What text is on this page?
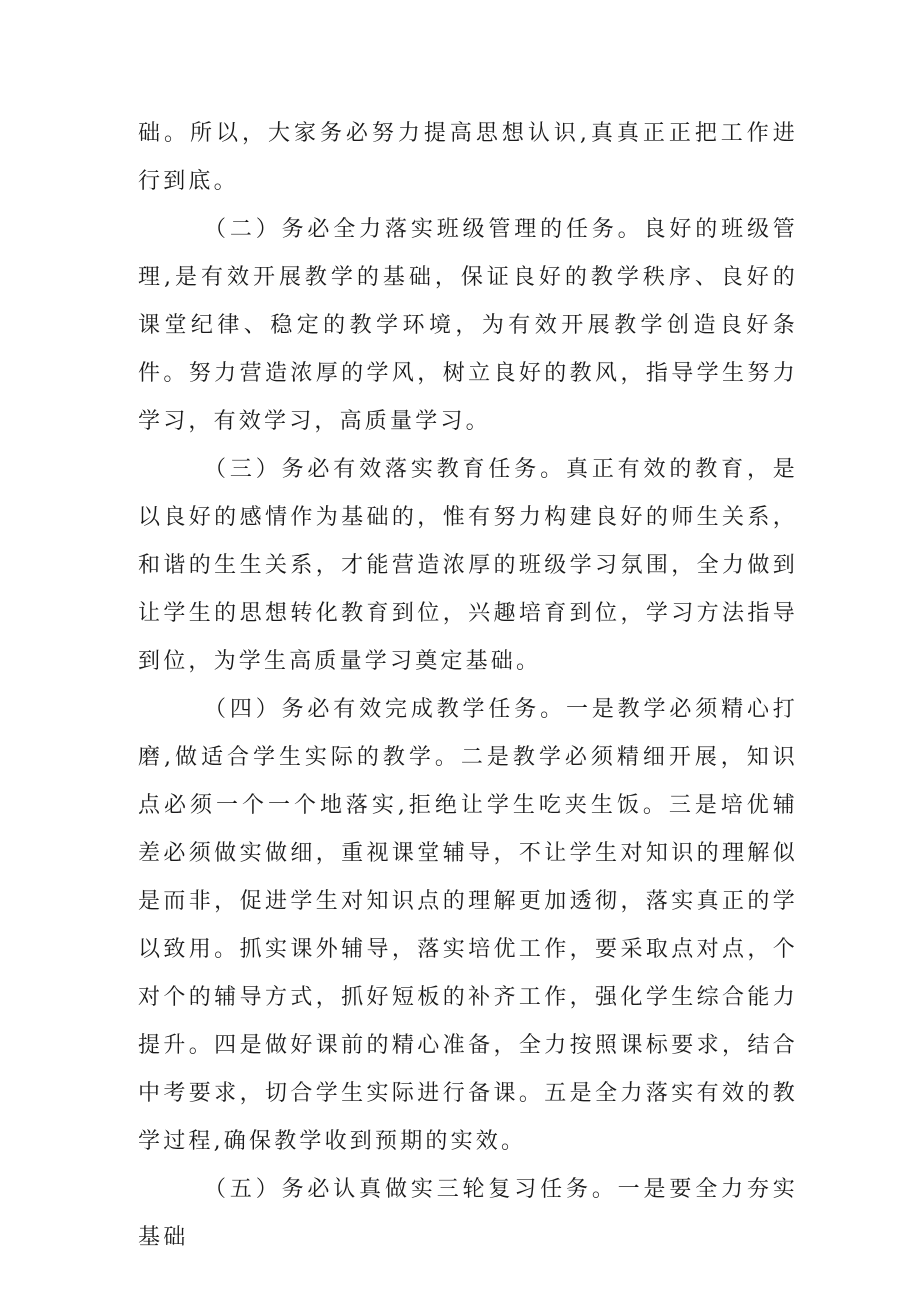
础。所以，大家务必努力提高思想认识,真真正正把工作进行到底。

（二）务必全力落实班级管理的任务。良好的班级管理,是有效开展教学的基础，保证良好的教学秩序、良好的课堂纪律、稳定的教学环境，为有效开展教学创造良好条件。努力营造浓厚的学风，树立良好的教风，指导学生努力学习，有效学习，高质量学习。

（三）务必有效落实教育任务。真正有效的教育，是以良好的感情作为基础的，惟有努力构建良好的师生关系，和谐的生生关系，才能营造浓厚的班级学习氛围，全力做到让学生的思想转化教育到位，兴趣培育到位，学习方法指导到位，为学生高质量学习奠定基础。

（四）务必有效完成教学任务。一是教学必须精心打磨,做适合学生实际的教学。二是教学必须精细开展，知识点必须一个一个地落实,拒绝让学生吃夹生饭。三是培优辅差必须做实做细，重视课堂辅导，不让学生对知识的理解似是而非，促进学生对知识点的理解更加透彻，落实真正的学以致用。抓实课外辅导，落实培优工作，要采取点对点，个对个的辅导方式，抓好短板的补齐工作，强化学生综合能力提升。四是做好课前的精心准备，全力按照课标要求，结合中考要求，切合学生实际进行备课。五是全力落实有效的教学过程,确保教学收到预期的实效。

（五）务必认真做实三轮复习任务。一是要全力夯实基础
